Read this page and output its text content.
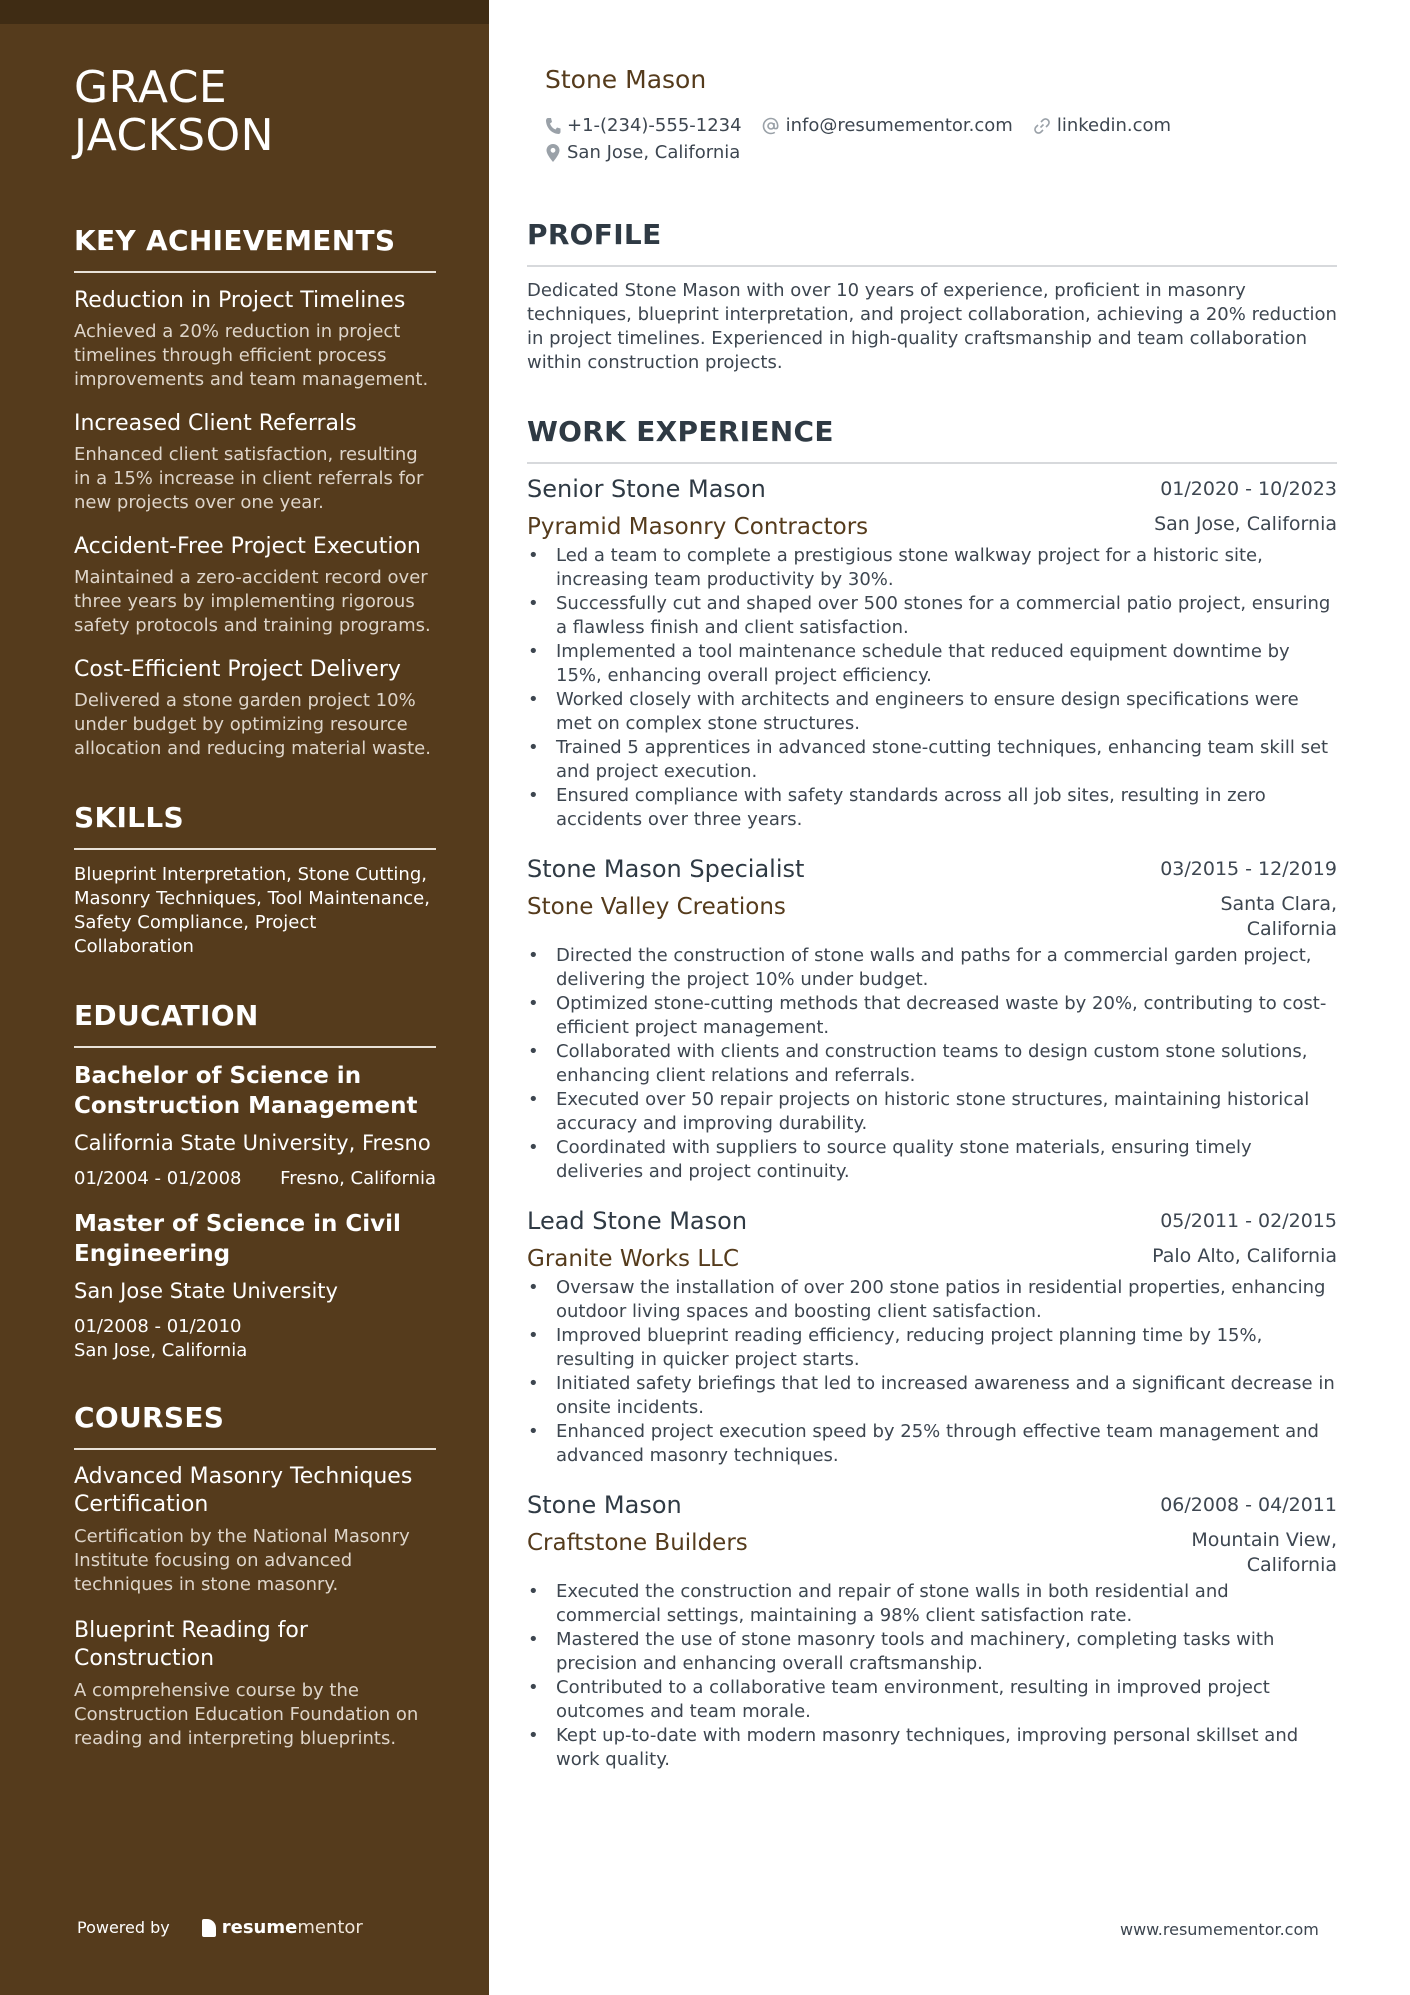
GRACE
JACKSON
KEY ACHIEVEMENTS
Reduction in Project Timelines
Achieved a 20% reduction in project timelines through efficient process improvements and team management.
Increased Client Referrals
Enhanced client satisfaction, resulting in a 15% increase in client referrals for new projects over one year.
Accident-Free Project Execution
Maintained a zero-accident record over three years by implementing rigorous safety protocols and training programs.
Cost-Efficient Project Delivery
Delivered a stone garden project 10% under budget by optimizing resource allocation and reducing material waste.
SKILLS
Blueprint Interpretation, Stone Cutting, Masonry Techniques, Tool Maintenance, Safety Compliance, Project Collaboration
EDUCATION
Bachelor of Science in Construction Management
California State University, Fresno
01/2004 - 01/2008 Fresno, California
Master of Science in Civil Engineering
San Jose State University
01/2008 - 01/2010
San Jose, California
COURSES
Advanced Masonry Techniques Certification
Certification by the National Masonry Institute focusing on advanced techniques in stone masonry.
Blueprint Reading for Construction
A comprehensive course by the Construction Education Foundation on reading and interpreting blueprints.
Powered by	resume mentor
Stone Mason
+1-(234)-555-1234 info@resumementor.com linkedin.com
San Jose, California
PROFILE

Dedicated Stone Mason with over 10 years of experience, proficient in masonry techniques, blueprint interpretation, and project collaboration, achieving a 20% reduction in project timelines. Experienced in high-quality craftsmanship and team collaboration within construction projects.

WORK EXPERIENCE
Senior Stone Mason	01/2020 - 10/2023
Pyramid Masonry Contractors	San Jose, California
• Led a team to complete a prestigious stone walkway project for a historic site, increasing team productivity by 30%.
• Successfully cut and shaped over 500 stones for a commercial patio project, ensuring a flawless finish and client satisfaction.
• Implemented a tool maintenance schedule that reduced equipment downtime by 15%, enhancing overall project efficiency.
• Worked closely with architects and engineers to ensure design specifications were met on complex stone structures.
• Trained 5 apprentices in advanced stone-cutting techniques, enhancing team skill set and project execution.
• Ensured compliance with safety standards across all job sites, resulting in zero accidents over three years.
Stone Mason Specialist	03/2015 - 12/2019
Stone Valley Creations	Santa Clara, California
• Directed the construction of stone walls and paths for a commercial garden project, delivering the project 10% under budget.
• Optimized stone-cutting methods that decreased waste by 20%, contributing to cost-efficient project management.
• Collaborated with clients and construction teams to design custom stone solutions, enhancing client relations and referrals.
• Executed over 50 repair projects on historic stone structures, maintaining historical accuracy and improving durability.
• Coordinated with suppliers to source quality stone materials, ensuring timely deliveries and project continuity.
Lead Stone Mason	05/2011 - 02/2015
Granite Works LLC	Palo Alto, California
• Oversaw the installation of over 200 stone patios in residential properties, enhancing outdoor living spaces and boosting client satisfaction.
• Improved blueprint reading efficiency, reducing project planning time by 15%, resulting in quicker project starts.
• Initiated safety briefings that led to increased awareness and a significant decrease in onsite incidents.
• Enhanced project execution speed by 25% through effective team management and advanced masonry techniques.
Stone Mason	06/2008 - 04/2011
Craftstone Builders	Mountain View, California
• Executed the construction and repair of stone walls in both residential and commercial settings, maintaining a 98% client satisfaction rate.
• Mastered the use of stone masonry tools and machinery, completing tasks with precision and enhancing overall craftsmanship.
• Contributed to a collaborative team environment, resulting in improved project outcomes and team morale.
• Kept up-to-date with modern masonry techniques, improving personal skillset and work quality.
www.resumementor.com
